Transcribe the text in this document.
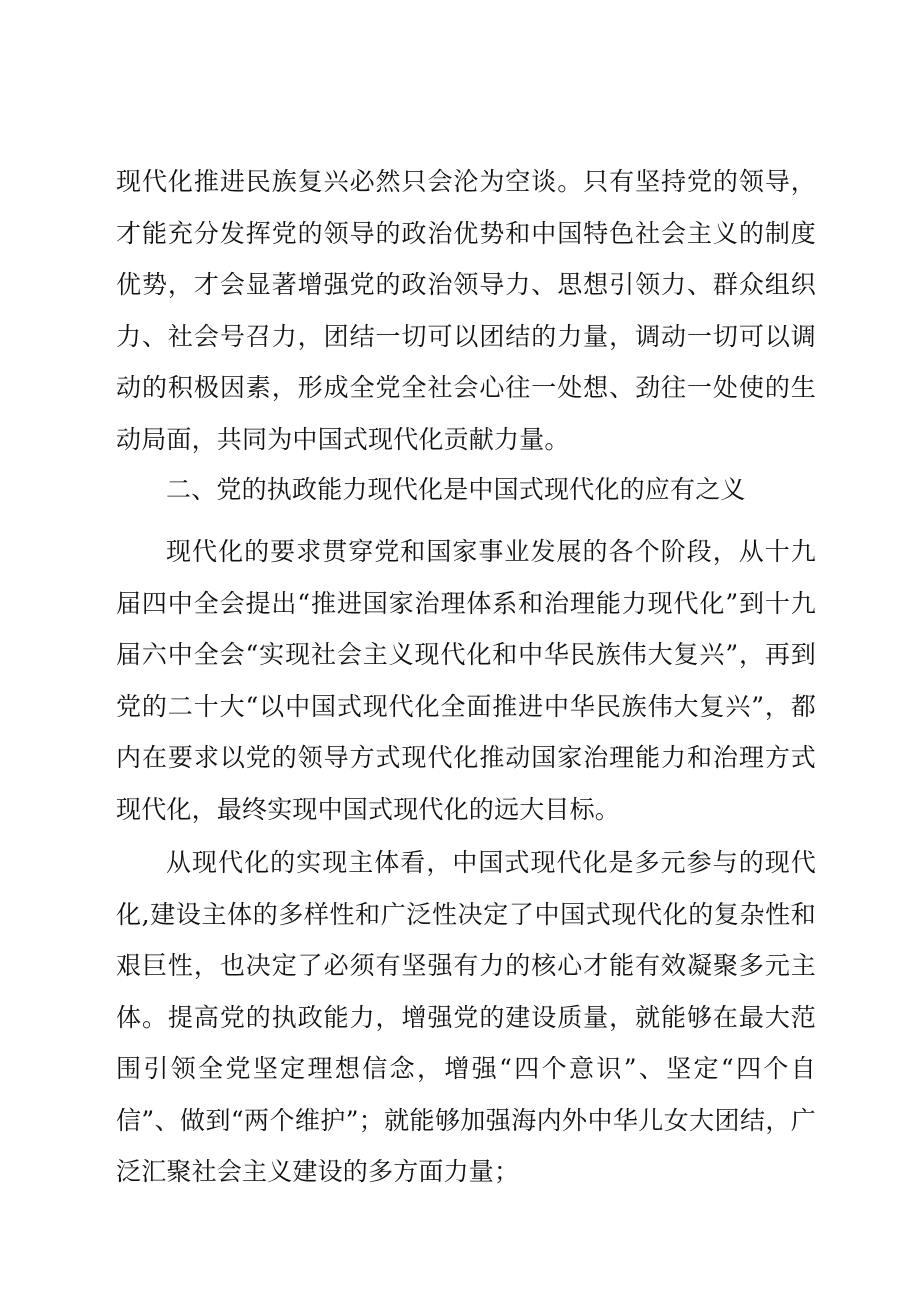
现代化推进民族复兴必然只会沦为空谈。只有坚持党的领导，才能充分发挥党的领导的政治优势和中国特色社会主义的制度优势，才会显著增强党的政治领导力、思想引领力、群众组织力、社会号召力，团结一切可以团结的力量，调动一切可以调动的积极因素，形成全党全社会心往一处想、劲往一处使的生动局面，共同为中国式现代化贡献力量。

二、党的执政能力现代化是中国式现代化的应有之义

现代化的要求贯穿党和国家事业发展的各个阶段，从十九届四中全会提出“推进国家治理体系和治理能力现代化”到十九届六中全会“实现社会主义现代化和中华民族伟大复兴”，再到党的二十大“以中国式现代化全面推进中华民族伟大复兴”，都内在要求以党的领导方式现代化推动国家治理能力和治理方式现代化，最终实现中国式现代化的远大目标。

从现代化的实现主体看，中国式现代化是多元参与的现代化,建设主体的多样性和广泛性决定了中国式现代化的复杂性和艰巨性，也决定了必须有坚强有力的核心才能有效凝聚多元主体。提高党的执政能力，增强党的建设质量，就能够在最大范围引领全党坚定理想信念，增强“四个意识”、坚定“四个自信”、做到“两个维护”；就能够加强海内外中华儿女大团结，广泛汇聚社会主义建设的多方面力量；
